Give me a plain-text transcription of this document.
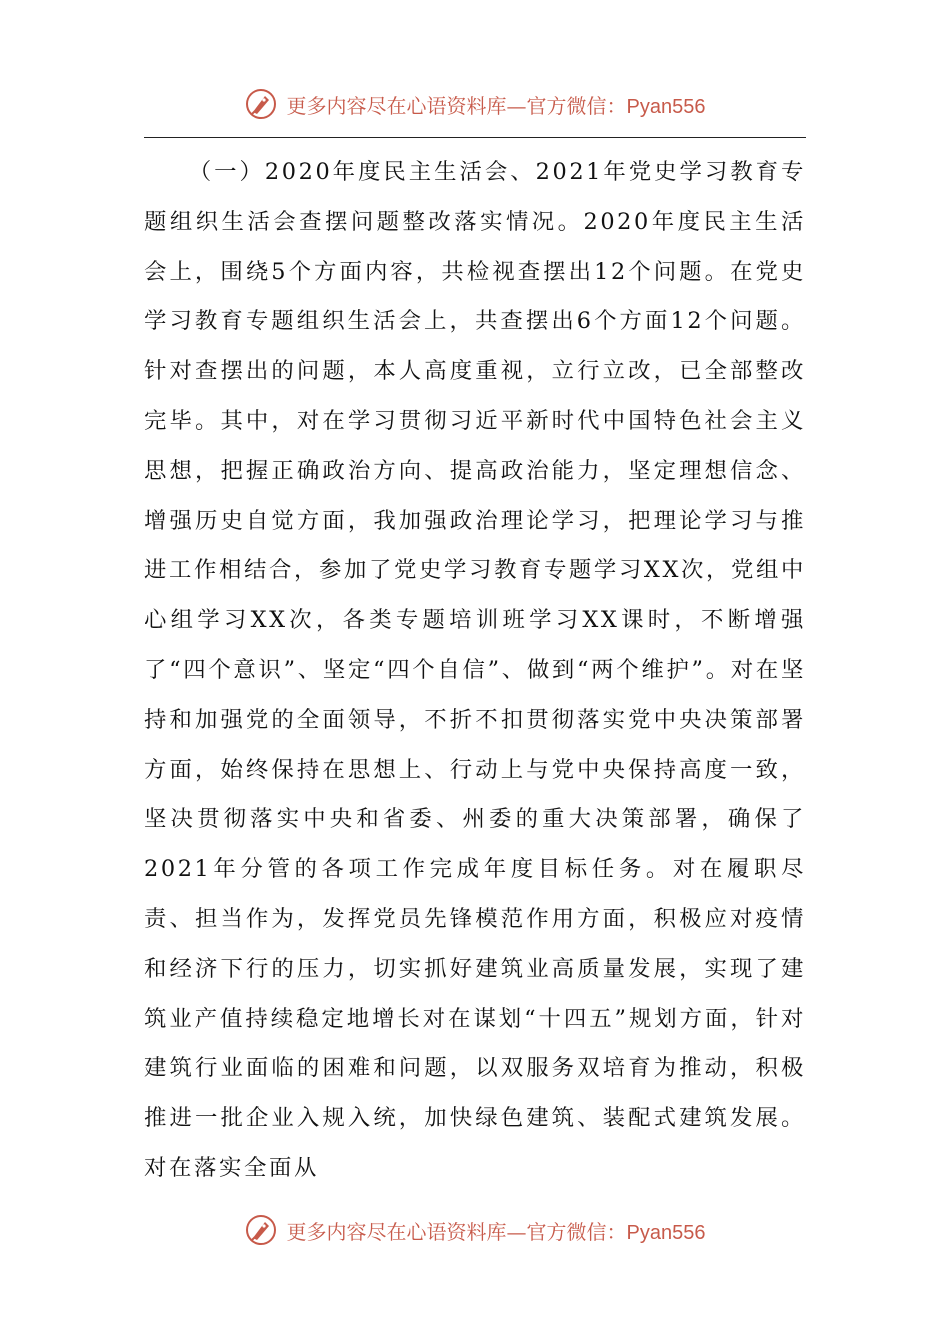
更多内容尽在心语资料库—官方微信：Pyan556

（一）2020年度民主生活会、2021年党史学习教育专题组织生活会查摆问题整改落实情况。2020年度民主生活会上，围绕5个方面内容，共检视查摆出12个问题。在党史学习教育专题组织生活会上，共查摆出6个方面12个问题。针对查摆出的问题，本人高度重视，立行立改，已全部整改完毕。其中，对在学习贯彻习近平新时代中国特色社会主义思想，把握正确政治方向、提高政治能力，坚定理想信念、增强历史自觉方面，我加强政治理论学习，把理论学习与推进工作相结合，参加了党史学习教育专题学习XX次，党组中心组学习XX次，各类专题培训班学习XX课时，不断增强了“四个意识”、坚定“四个自信”、做到“两个维护”。对在坚持和加强党的全面领导，不折不扣贯彻落实党中央决策部署方面，始终保持在思想上、行动上与党中央保持高度一致，坚决贯彻落实中央和省委、州委的重大决策部署，确保了2021年分管的各项工作完成年度目标任务。对在履职尽责、担当作为，发挥党员先锋模范作用方面，积极应对疫情和经济下行的压力，切实抓好建筑业高质量发展，实现了建筑业产值持续稳定地增长对在谋划“十四五”规划方面，针对建筑行业面临的困难和问题，以双服务双培育为推动，积极推进一批企业入规入统，加快绿色建筑、装配式建筑发展。对在落实全面从

更多内容尽在心语资料库—官方微信：Pyan556
